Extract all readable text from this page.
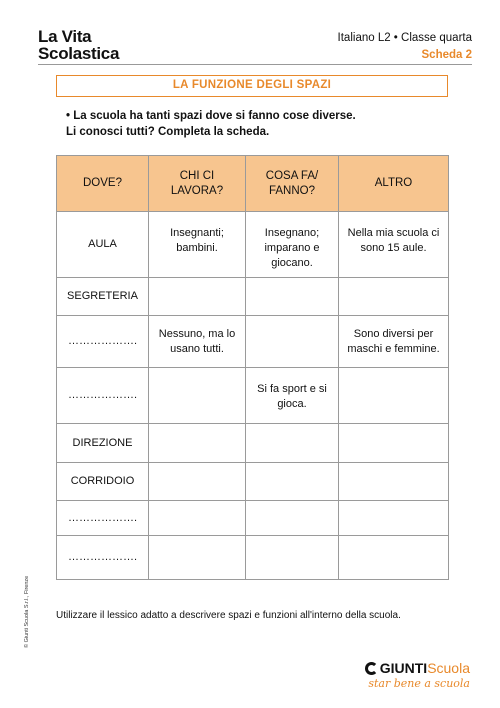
La Vita
Scolastica
Italiano L2 • Classe quarta
Scheda 2
LA FUNZIONE DEGLI SPAZI
• La scuola ha tanti spazi dove si fanno cose diverse.
Li conosci tutti? Completa la scheda.
DOVE?	CHI CI LAVORA?	COSA FA/ FANNO?	ALTRO
AULA	Insegnanti; bambini.	Insegnano; imparano e giocano.	Nella mia scuola ci sono 15 aule.
SEGRETERIA			
……………….	Nessuno, ma lo usano tutti.		Sono diversi per maschi e femmine.
……………….		Si fa sport e si gioca.	
DIREZIONE			
CORRIDOIO			
……………….			
……………….			
Utilizzare il lessico adatto a descrivere spazi e funzioni all'interno della scuola.
© Giunti Scuola S.r.l., Firenze
GIUNTI Scuola
star bene a scuola
